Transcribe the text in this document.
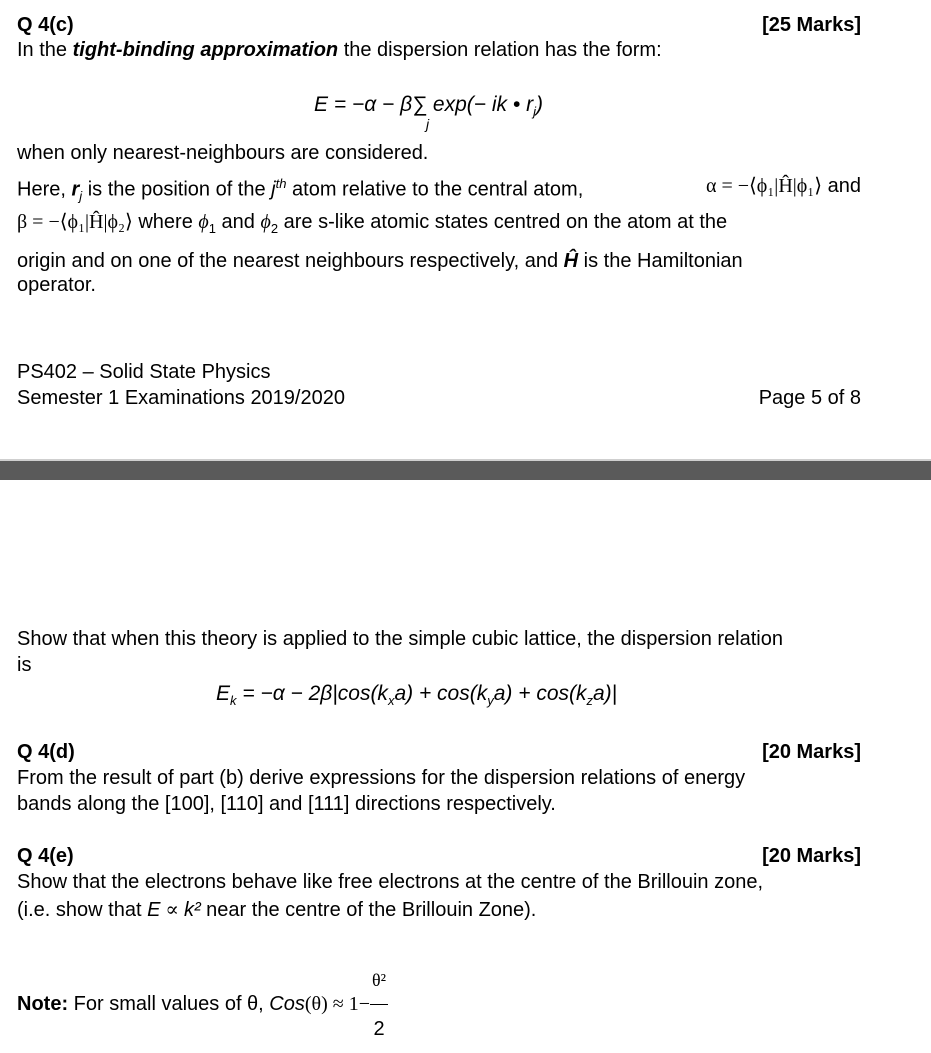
Q 4(c)	[25 Marks]
In the tight-binding approximation the dispersion relation has the form:
E = −α − β∑ exp(− ik • $r_j$)
j
when only nearest-neighbours are considered.
Here, $r_j$ is the position of the $j^{th}$ atom relative to the central atom,	α = −⟨ϕ₁|Ĥ|ϕ₁⟩ and
β = −⟨ϕ₁|Ĥ|ϕ₂⟩ where $\phi_1$ and $\phi_2$ are s-like atomic states centred on the atom at the
origin and on one of the nearest neighbours respectively, and Ĥ is the Hamiltonian
operator.
PS402 – Solid State Physics
Semester 1 Examinations 2019/2020	Page 5 of 8
Show that when this theory is applied to the simple cubic lattice, the dispersion relation
is
$E_k = -\alpha - 2\beta|\cos(k_xa) + \cos(k_ya) + \cos(k_za)|$
Q 4(d)	[20 Marks]
From the result of part (b) derive expressions for the dispersion relations of energy
bands along the [100], [110] and [111] directions respectively.
Q 4(e)	[20 Marks]
Show that the electrons behave like free electrons at the centre of the Brillouin zone,
(i.e. show that E ∝ k² near the centre of the Brillouin Zone).
Note: For small values of θ, $Cos(\theta) \approx 1- \frac{\text{θ²}}{2}$
